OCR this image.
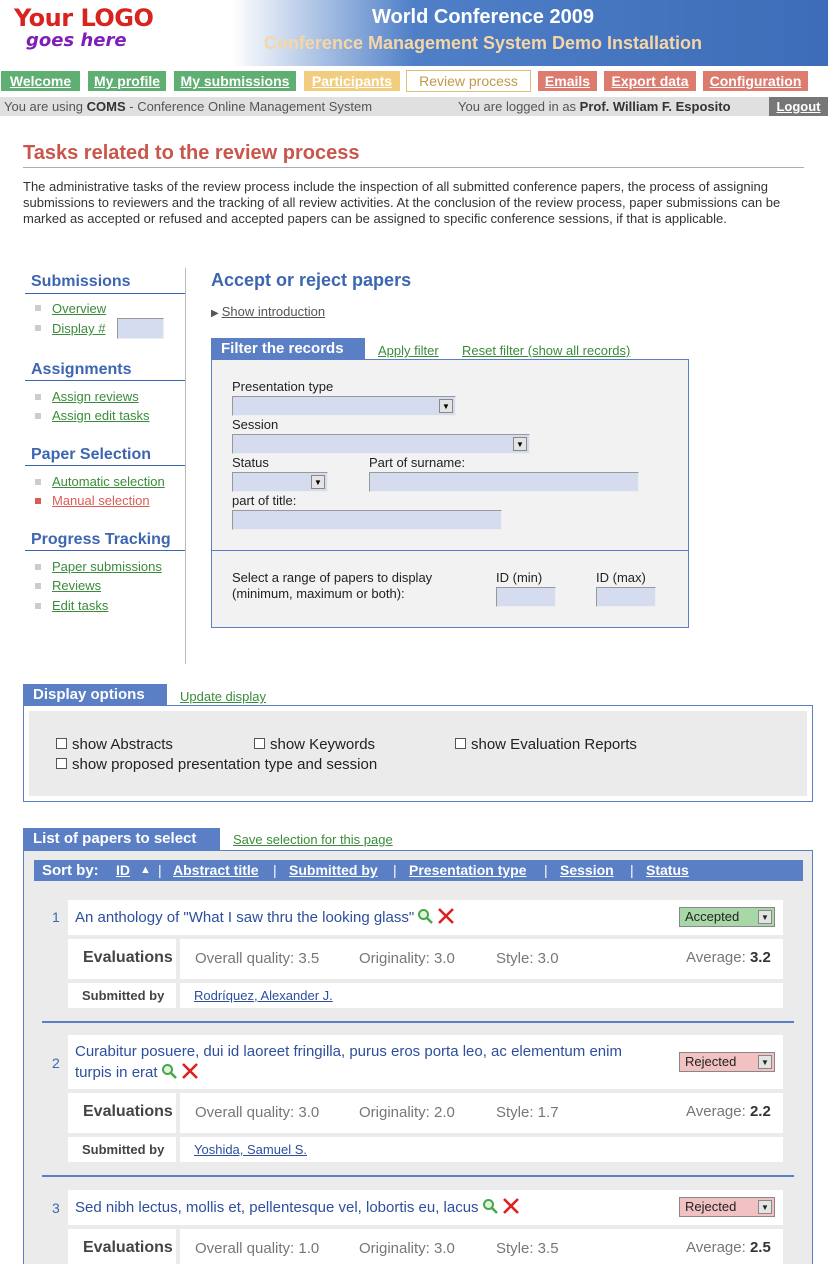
Your LOGO
goes here
World Conference 2009
Conference Management System Demo Installation
Welcome	My profile	My submissions	Participants	Review process	Emails	Export data	Configuration
You are using COMS - Conference Online Management System	You are logged in as Prof. William F. Esposito	Logout
Tasks related to the review process
The administrative tasks of the review process include the inspection of all submitted conference papers, the process of assigning submissions to reviewers and the tracking of all review activities. At the conclusion of the review process, paper submissions can be marked as accepted or refused and accepted papers can be assigned to specific conference sessions, if that is applicable.
Submissions
Overview
Display #
Assignments
Assign reviews
Assign edit tasks
Paper Selection
Automatic selection
Manual selection
Progress Tracking
Paper submissions
Reviews
Edit tasks
Accept or reject papers
▶ Show introduction
Filter the records	Apply filter Reset filter (show all records)
Presentation type
▼
Session
▼
Status
▼
Part of surname:
part of title:
Select a range of papers to display (minimum, maximum or both):
ID (min)	ID (max)
Display options	Update display
show Abstracts	show Keywords	show Evaluation Reports
show proposed presentation type and session
List of papers to select	Save selection for this page
Sort by: ID ▲ | Abstract title | Submitted by | Presentation type | Session | Status
1 An anthology of "What I saw thru the looking glass"	Accepted	▼
Evaluations Overall quality: 3.5	Originality: 3.0	Style: 3.0	Average: 3.2
Submitted by Rodríquez, Alexander J.
2
Curabitur posuere, dui id laoreet fringilla, purus eros porta leo, ac elementum enim turpis in erat
Rejected	▼
Evaluations Overall quality: 3.0	Originality: 2.0	Style: 1.7	Average: 2.2
Submitted by Yoshida, Samuel S.
3 Sed nibh lectus, mollis et, pellentesque vel, lobortis eu, lacus	Rejected	▼
Evaluations Overall quality: 1.0	Originality: 3.0	Style: 3.5	Average: 2.5
